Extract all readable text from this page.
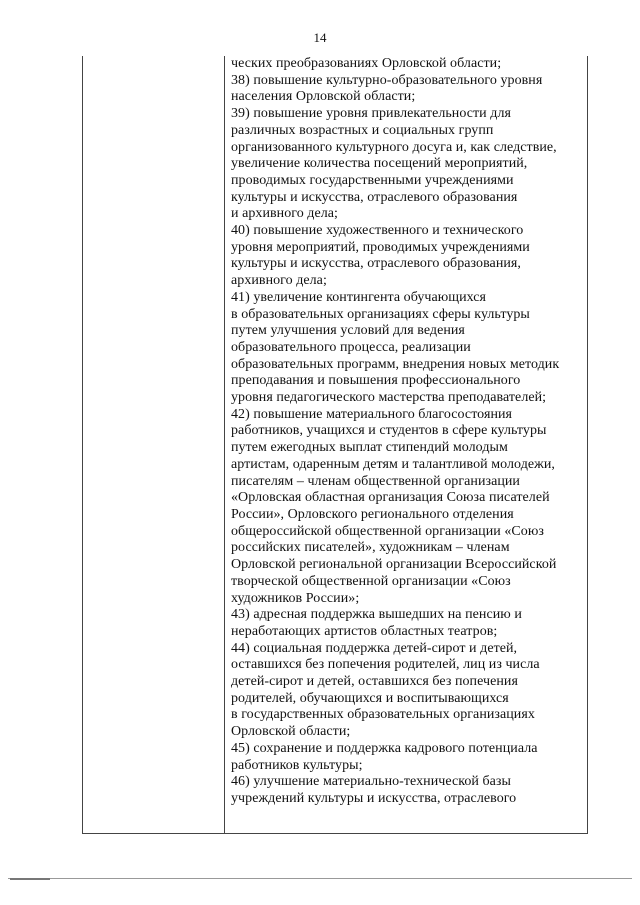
14
ческих преобразованиях Орловской области;
38) повышение культурно-образовательного уровня
населения Орловской области;
39) повышение уровня привлекательности для
различных возрастных и социальных групп
организованного культурного досуга и, как следствие,
увеличение количества посещений мероприятий,
проводимых государственными учреждениями
культуры и искусства, отраслевого образования
и архивного дела;
40) повышение художественного и технического
уровня мероприятий, проводимых учреждениями
культуры и искусства, отраслевого образования,
архивного дела;
41) увеличение контингента обучающихся
в образовательных организациях сферы культуры
путем улучшения условий для ведения
образовательного процесса, реализации
образовательных программ, внедрения новых методик
преподавания и повышения профессионального
уровня педагогического мастерства преподавателей;
42) повышение материального благосостояния
работников, учащихся и студентов в сфере культуры
путем ежегодных выплат стипендий молодым
артистам, одаренным детям и талантливой молодежи,
писателям – членам общественной организации
«Орловская областная организация Союза писателей
России», Орловского регионального отделения
общероссийской общественной организации «Союз
российских писателей», художникам – членам
Орловской региональной организации Всероссийской
творческой общественной организации «Союз
художников России»;
43) адресная поддержка вышедших на пенсию и
неработающих артистов областных театров;
44) социальная поддержка детей-сирот и детей,
оставшихся без попечения родителей, лиц из числа
детей-сирот и детей, оставшихся без попечения
родителей, обучающихся и воспитывающихся
в государственных образовательных организациях
Орловской области;
45) сохранение и поддержка кадрового потенциала
работников культуры;
46) улучшение материально-технической базы
учреждений культуры и искусства, отраслевого
